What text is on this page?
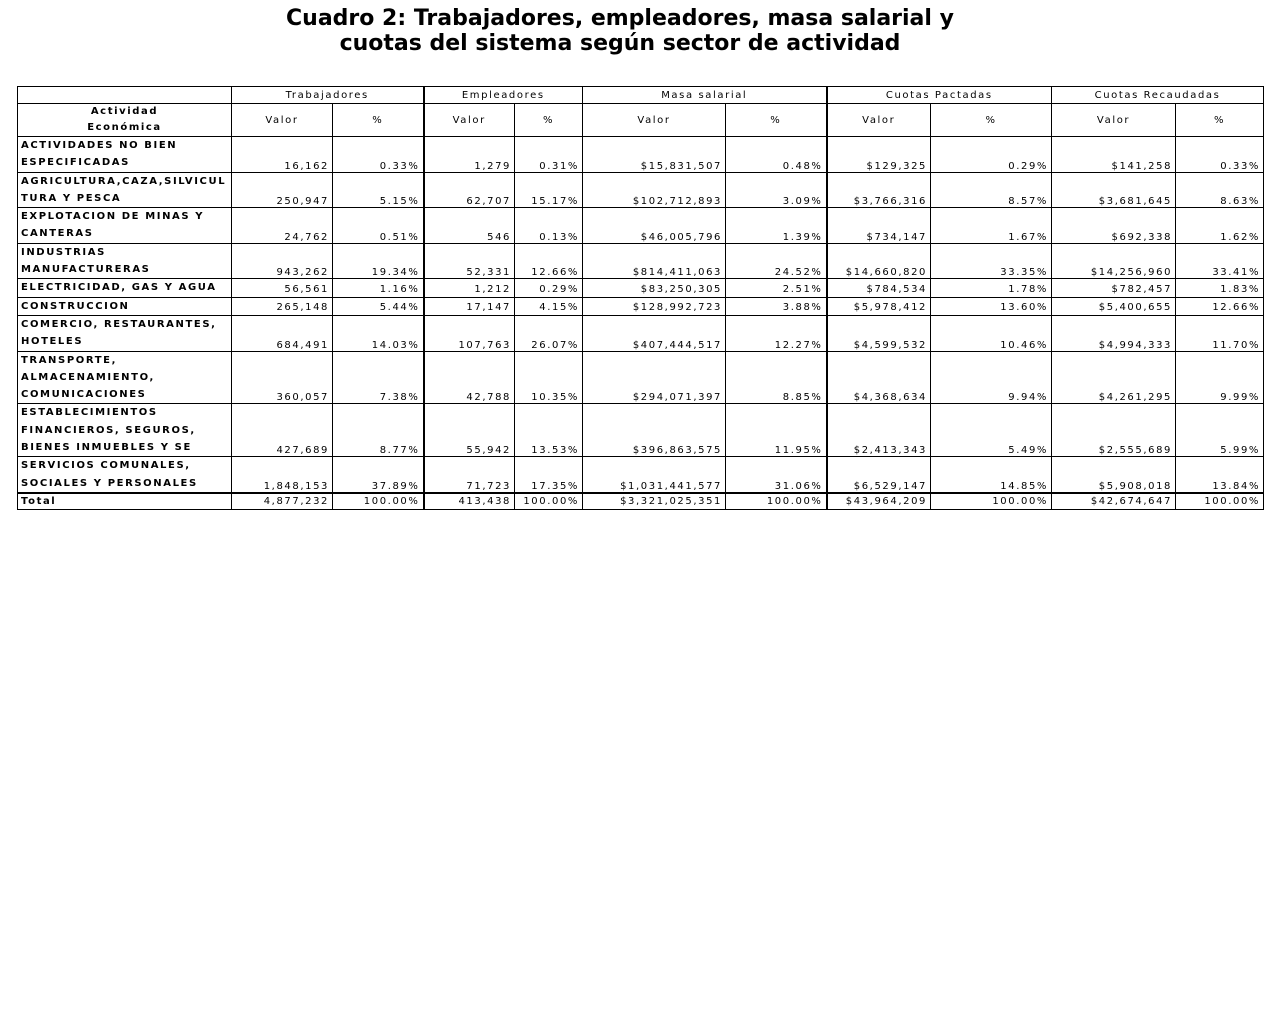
Cuadro 2: Trabajadores, empleadores, masa salarial y
cuotas del sistema según sector de actividad
	Trabajadores		Empleadores		Masa salarial		Cuotas Pactadas		Cuotas Recaudadas	

Actividad
Económica	Valor	%	Valor	%	Valor	%	Valor	%	Valor	%

ACTIVIDADES NO BIEN
ESPECIFICADAS	16,162	0.33%	1,279	0.31%	$15,831,507	0.48%	$129,325	0.29%	$141,258	0.33%

AGRICULTURA,CAZA,SILVICUL
TURA Y PESCA	250,947	5.15%	62,707	15.17%	$102,712,893	3.09%	$3,766,316	8.57%	$3,681,645	8.63%

EXPLOTACION DE MINAS Y
CANTERAS	24,762	0.51%	546	0.13%	$46,005,796	1.39%	$734,147	1.67%	$692,338	1.62%

INDUSTRIAS
MANUFACTURERAS	943,262	19.34%	52,331	12.66%	$814,411,063	24.52%	$14,660,820	33.35%	$14,256,960	33.41%

ELECTRICIDAD, GAS Y AGUA	56,561	1.16%	1,212	0.29%	$83,250,305	2.51%	$784,534	1.78%	$782,457	1.83%

CONSTRUCCION	265,148	5.44%	17,147	4.15%	$128,992,723	3.88%	$5,978,412	13.60%	$5,400,655	12.66%

COMERCIO, RESTAURANTES,
HOTELES	684,491	14.03%	107,763	26.07%	$407,444,517	12.27%	$4,599,532	10.46%	$4,994,333	11.70%

TRANSPORTE,
ALMACENAMIENTO,
COMUNICACIONES	360,057	7.38%	42,788	10.35%	$294,071,397	8.85%	$4,368,634	9.94%	$4,261,295	9.99%

ESTABLECIMIENTOS
FINANCIEROS, SEGUROS,
BIENES INMUEBLES Y SE	427,689	8.77%	55,942	13.53%	$396,863,575	11.95%	$2,413,343	5.49%	$2,555,689	5.99%

SERVICIOS COMUNALES,
SOCIALES Y PERSONALES	1,848,153	37.89%	71,723	17.35%	$1,031,441,577	31.06%	$6,529,147	14.85%	$5,908,018	13.84%
Total	4,877,232	100.00%	413,438	100.00%	$3,321,025,351	100.00%	$43,964,209	100.00%	$42,674,647	100.00%
